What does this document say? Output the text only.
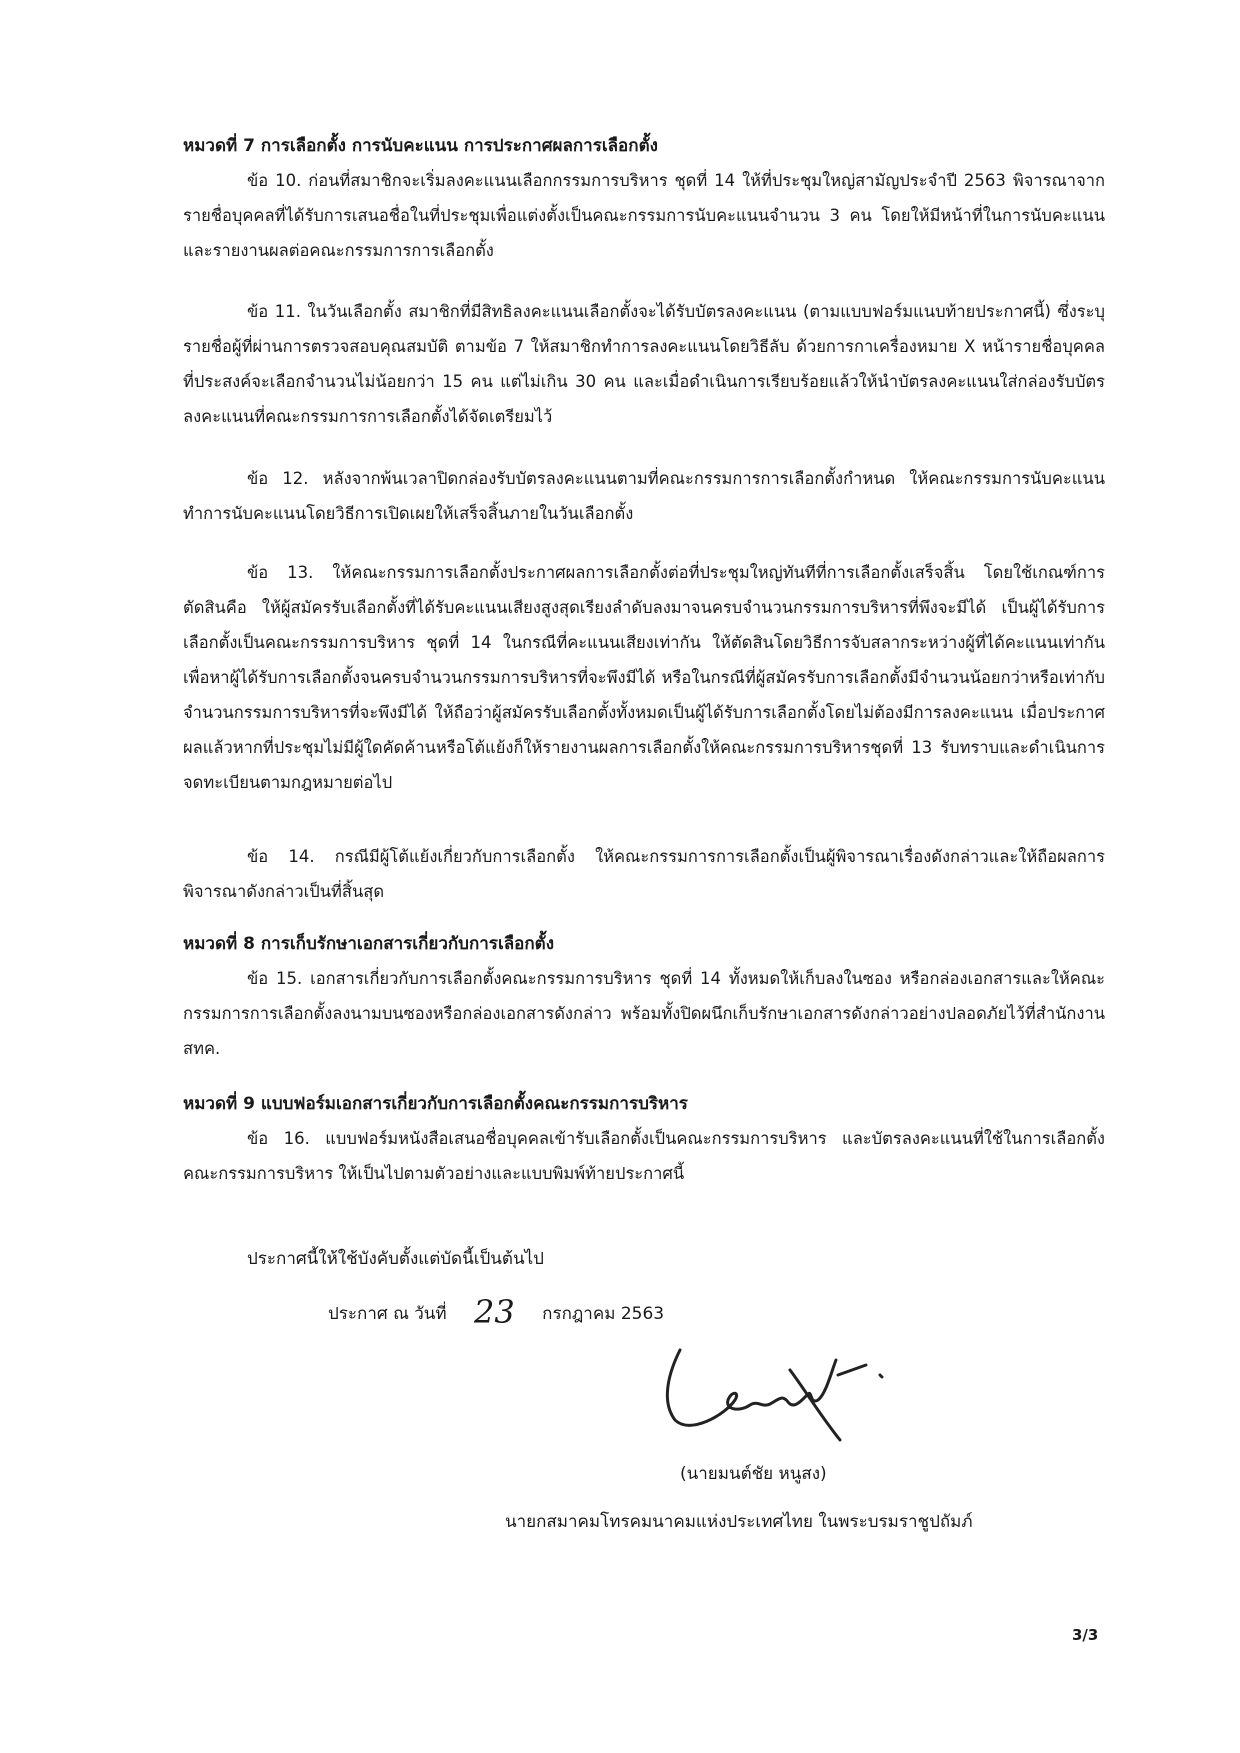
หมวดที่ 7 การเลือกตั้ง การนับคะแนน การประกาศผลการเลือกตั้ง
ข้อ 10. ก่อนที่สมาชิกจะเริ่มลงคะแนนเลือกกรรมการบริหาร ชุดที่ 14 ให้ที่ประชุมใหญ่สามัญประจำปี 2563 พิจารณาจากรายชื่อบุคคลที่ได้รับการเสนอชื่อในที่ประชุมเพื่อแต่งตั้งเป็นคณะกรรมการนับคะแนนจำนวน 3 คน โดยให้มีหน้าที่ในการนับคะแนนและรายงานผลต่อคณะกรรมการการเลือกตั้ง
ข้อ 11. ในวันเลือกตั้ง สมาชิกที่มีสิทธิลงคะแนนเลือกตั้งจะได้รับบัตรลงคะแนน (ตามแบบฟอร์มแนบท้ายประกาศนี้) ซึ่งระบุรายชื่อผู้ที่ผ่านการตรวจสอบคุณสมบัติ ตามข้อ 7 ให้สมาชิกทำการลงคะแนนโดยวิธีลับ ด้วยการกาเครื่องหมาย X หน้ารายชื่อบุคคลที่ประสงค์จะเลือกจำนวนไม่น้อยกว่า 15 คน แต่ไม่เกิน 30 คน และเมื่อดำเนินการเรียบร้อยแล้วให้นำบัตรลงคะแนนใส่กล่องรับบัตรลงคะแนนที่คณะกรรมการการเลือกตั้งได้จัดเตรียมไว้
ข้อ 12. หลังจากพ้นเวลาปิดกล่องรับบัตรลงคะแนนตามที่คณะกรรมการการเลือกตั้งกำหนด ให้คณะกรรมการนับคะแนนทำการนับคะแนนโดยวิธีการเปิดเผยให้เสร็จสิ้นภายในวันเลือกตั้ง
ข้อ 13. ให้คณะกรรมการเลือกตั้งประกาศผลการเลือกตั้งต่อที่ประชุมใหญ่ทันทีที่การเลือกตั้งเสร็จสิ้น โดยใช้เกณฑ์การตัดสินคือ ให้ผู้สมัครรับเลือกตั้งที่ได้รับคะแนนเสียงสูงสุดเรียงลำดับลงมาจนครบจำนวนกรรมการบริหารที่พึงจะมีได้ เป็นผู้ได้รับการเลือกตั้งเป็นคณะกรรมการบริหาร ชุดที่ 14 ในกรณีที่คะแนนเสียงเท่ากัน ให้ตัดสินโดยวิธีการจับสลากระหว่างผู้ที่ได้คะแนนเท่ากัน เพื่อหาผู้ได้รับการเลือกตั้งจนครบจำนวนกรรมการบริหารที่จะพึงมีได้ หรือในกรณีที่ผู้สมัครรับการเลือกตั้งมีจำนวนน้อยกว่าหรือเท่ากับจำนวนกรรมการบริหารที่จะพึงมีได้ ให้ถือว่าผู้สมัครรับเลือกตั้งทั้งหมดเป็นผู้ได้รับการเลือกตั้งโดยไม่ต้องมีการลงคะแนน เมื่อประกาศผลแล้วหากที่ประชุมไม่มีผู้ใดคัดค้านหรือโต้แย้งก็ให้รายงานผลการเลือกตั้งให้คณะกรรมการบริหารชุดที่ 13 รับทราบและดำเนินการจดทะเบียนตามกฎหมายต่อไป
ข้อ 14. กรณีมีผู้โต้แย้งเกี่ยวกับการเลือกตั้ง ให้คณะกรรมการการเลือกตั้งเป็นผู้พิจารณาเรื่องดังกล่าวและให้ถือผลการพิจารณาดังกล่าวเป็นที่สิ้นสุด
หมวดที่ 8 การเก็บรักษาเอกสารเกี่ยวกับการเลือกตั้ง
ข้อ 15. เอกสารเกี่ยวกับการเลือกตั้งคณะกรรมการบริหาร ชุดที่ 14 ทั้งหมดให้เก็บลงในซอง หรือกล่องเอกสารและให้คณะกรรมการการเลือกตั้งลงนามบนซองหรือกล่องเอกสารดังกล่าว พร้อมทั้งปิดผนึกเก็บรักษาเอกสารดังกล่าวอย่างปลอดภัยไว้ที่สำนักงาน สทค.
หมวดที่ 9 แบบฟอร์มเอกสารเกี่ยวกับการเลือกตั้งคณะกรรมการบริหาร
ข้อ 16. แบบฟอร์มหนังสือเสนอชื่อบุคคลเข้ารับเลือกตั้งเป็นคณะกรรมการบริหาร และบัตรลงคะแนนที่ใช้ในการเลือกตั้งคณะกรรมการบริหาร ให้เป็นไปตามตัวอย่างและแบบพิมพ์ท้ายประกาศนี้
ประกาศนี้ให้ใช้บังคับตั้งแต่บัดนี้เป็นต้นไป
ประกาศ ณ วันที่ 23 กรกฎาคม 2563
(นายมนต์ชัย หนูสง)
นายกสมาคมโทรคมนาคมแห่งประเทศไทย ในพระบรมราชูปถัมภ์
3/3
